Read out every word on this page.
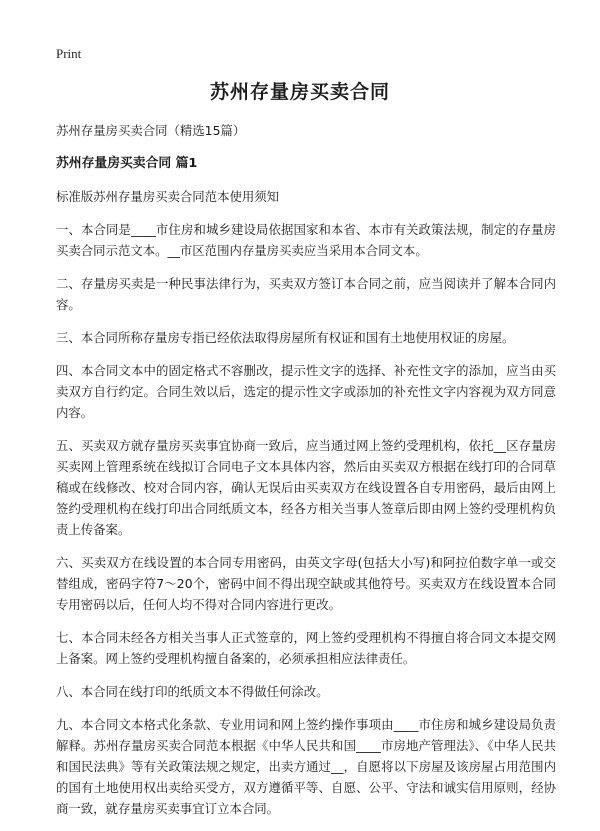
Print
苏州存量房买卖合同

苏州存量房买卖合同（精选15篇）

苏州存量房买卖合同 篇1

标准版苏州存量房买卖合同范本使用须知

一、本合同是____市住房和城乡建设局依据国家和本省、本市有关政策法规，制定的存量房买卖合同示范文本。__市区范围内存量房买卖应当采用本合同文本。

二、存量房买卖是一种民事法律行为，买卖双方签订本合同之前，应当阅读并了解本合同内容。

三、本合同所称存量房专指已经依法取得房屋所有权证和国有土地使用权证的房屋。

四、本合同文本中的固定格式不容删改，提示性文字的选择、补充性文字的添加，应当由买卖双方自行约定。合同生效以后，选定的提示性文字或添加的补充性文字内容视为双方同意内容。

五、买卖双方就存量房买卖事宜协商一致后，应当通过网上签约受理机构，依托__区存量房买卖网上管理系统在线拟订合同电子文本具体内容，然后由买卖双方根据在线打印的合同草稿或在线修改、校对合同内容，确认无误后由买卖双方在线设置各自专用密码，最后由网上签约受理机构在线打印出合同纸质文本，经各方相关当事人签章后即由网上签约受理机构负责上传备案。

六、买卖双方在线设置的本合同专用密码，由英文字母(包括大小写)和阿拉伯数字单一或交替组成，密码字符7～20个，密码中间不得出现空缺或其他符号。买卖双方在线设置本合同专用密码以后，任何人均不得对合同内容进行更改。

七、本合同未经各方相关当事人正式签章的，网上签约受理机构不得擅自将合同文本提交网上备案。网上签约受理机构擅自备案的，必须承担相应法律责任。

八、本合同在线打印的纸质文本不得做任何涂改。

九、本合同文本格式化条款、专业用词和网上签约操作事项由____市住房和城乡建设局负责解释。苏州存量房买卖合同范本根据《中华人民共和国____市房地产管理法》、《中华人民共和国民法典》等有关政策法规之规定，出卖方通过__，自愿将以下房屋及该房屋占用范围内的国有土地使用权出卖给买受方，双方遵循平等、自愿、公平、守法和诚实信用原则，经协商一致，就存量房买卖事宜订立本合同。
